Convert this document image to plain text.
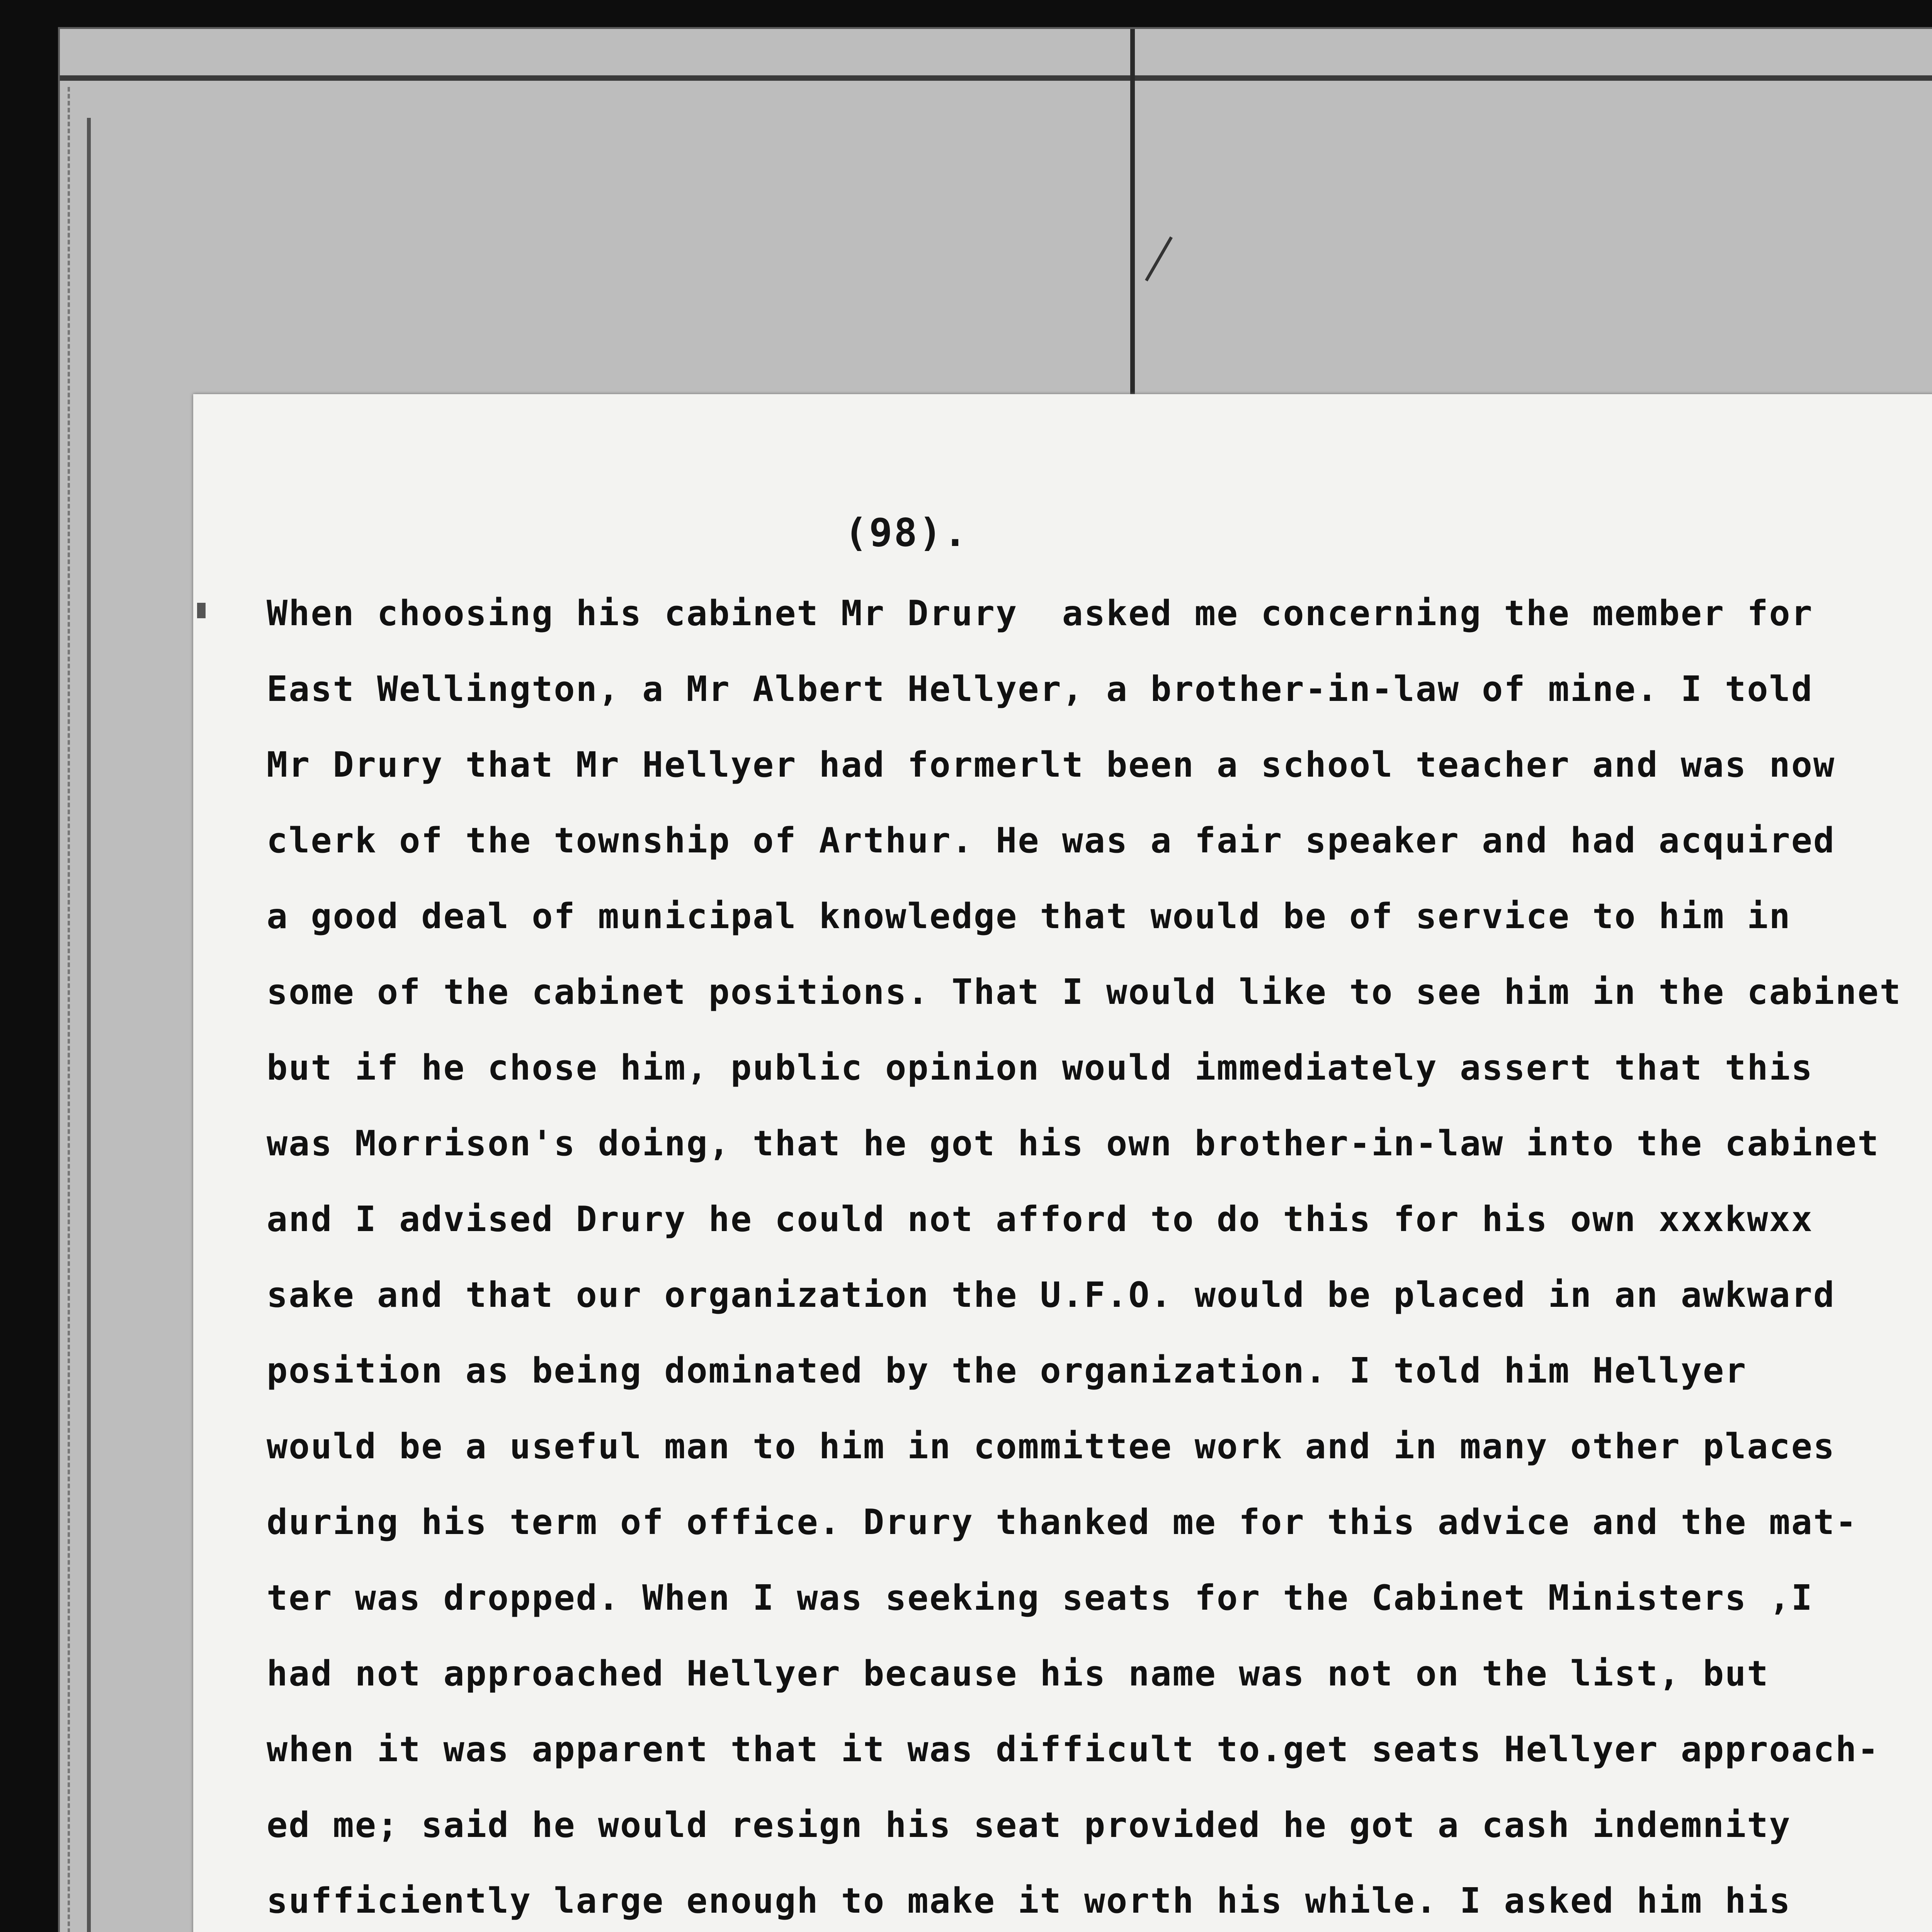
(98).
When choosing his cabinet Mr Drury  asked me concerning the member for
East Wellington, a Mr Albert Hellyer, a brother-in-law of mine. I told
Mr Drury that Mr Hellyer had formerlt been a school teacher and was now
clerk of the township of Arthur. He was a fair speaker and had acquired
a good deal of municipal knowledge that would be of service to him in
some of the cabinet positions. That I would like to see him in the cabinet
but if he chose him, public opinion would immediately assert that this
was Morrison's doing, that he got his own brother-in-law into the cabinet
and I advised Drury he could not afford to do this for his own xxxkwxx
sake and that our organization the U.F.O. would be placed in an awkward
position as being dominated by the organization. I told him Hellyer
would be a useful man to him in committee work and in many other places
during his term of office. Drury thanked me for this advice and the mat-
ter was dropped. When I was seeking seats for the Cabinet Ministers ,I
had not approached Hellyer because his name was not on the list, but
when it was apparent that it was difficult to.get seats Hellyer approach-
ed me; said he would resign his seat provided he got a cash indemnity
sufficiently large enough to make it worth his while. I asked him his
